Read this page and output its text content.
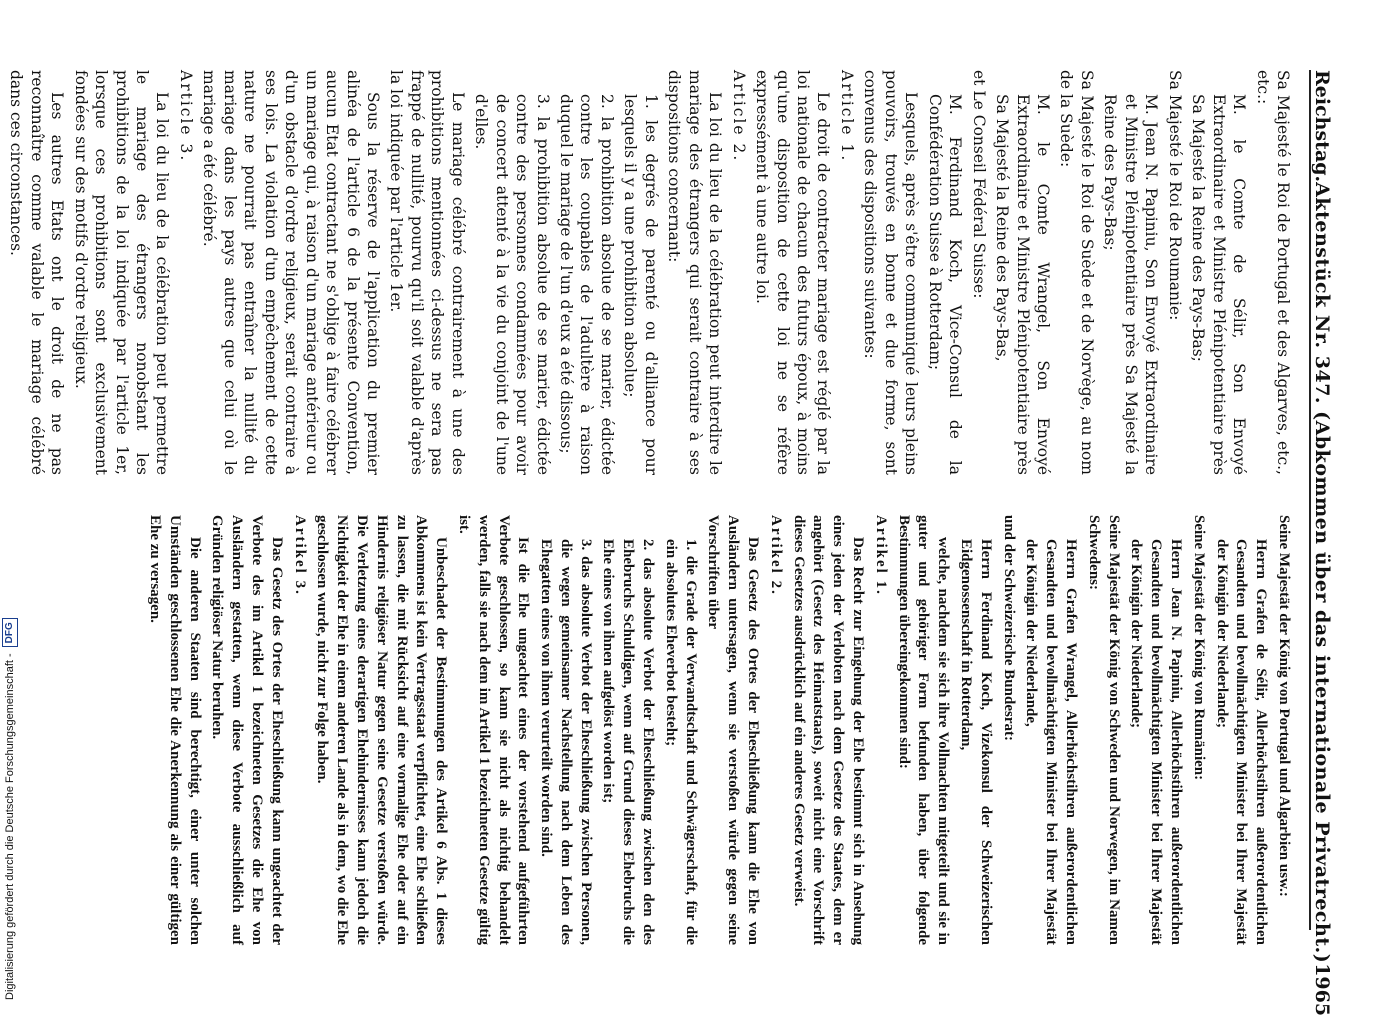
Reichstag.
Aktenstück Nr. 347. (Abkommen über das internationale Privatrecht.)
1965

Sa Majesté le Roi de Portugal et des Algarves, etc., etc.:

M. le Comte de Sélir, Son Envoyé Extraordinaire et Ministre Plénipotentiaire près Sa Majesté la Reine des Pays-Bas;

Sa Majesté le Roi de Roumanie:

M. Jean N. Papiniu, Son Envoyé Extraordinaire et Ministre Plénipotentiaire près Sa Majesté la Reine des Pays-Bas;

Sa Majesté le Roi de Suède et de Norvège, au nom de la Suède:

M. le Comte Wrangel, Son Envoyé Extraordinaire et Ministre Plénipotentiaire près Sa Majesté la Reine des Pays-Bas,

et Le Conseil Fédéral Suisse:

M. Ferdinand Koch, Vice-Consul de la Confédération Suisse à Rotterdam;

Lesquels, après s'être communiqué leurs pleins pouvoirs, trouvés en bonne et due forme, sont convenus des dispositions suivantes:

Article 1.

Le droit de contracter mariage est réglé par la loi nationale de chacun des futurs époux, à moins qu'une disposition de cette loi ne se réfère expressément à une autre loi.

Article 2.

La loi du lieu de la célébration peut interdire le mariage des étrangers qui serait contraire à ses dispositions concernant:

1. les degrés de parenté ou d'alliance pour lesquels il y a une prohibition absolue;

2. la prohibition absolue de se marier, édictée contre les coupables de l'adultère à raison duquel le mariage de l'un d'eux a été dissous;

3. la prohibition absolue de se marier, édictée contre des personnes condamnées pour avoir de concert attenté à la vie du conjoint de l'une d'elles.

Le mariage célébré contrairement à une des prohibitions mentionnées ci-dessus ne sera pas frappé de nullité, pourvu qu'il soit valable d'après la loi indiquée par l'article 1er.

Sous la réserve de l'application du premier alinéa de l'article 6 de la présente Convention, aucun Etat contractant ne s'oblige à faire célébrer un mariage qui, à raison d'un mariage antérieur ou d'un obstacle d'ordre religieux, serait contraire à ses lois. La violation d'un empêchement de cette nature ne pourrait pas entraîner la nullité du mariage dans les pays autres que celui où le mariage a été célébré.

Article 3.

La loi du lieu de la célébration peut permettre le mariage des étrangers nonobstant les prohibitions de la loi indiquée par l'article 1er, lorsque ces prohibitions sont exclusivement fondées sur des motifs d'ordre religieux.

Les autres Etats ont le droit de ne pas reconnaître comme valable le mariage célébré dans ces circonstances.

Seine Majestät der König von Portugal und Algarbien usw.:

Herrn Grafen de Sélir, Allerhöchstihren außerordentlichen Gesandten und bevollmächtigten Minister bei Ihrer Majestät der Königin der Niederlande;

Seine Majestät der König von Rumänien:

Herrn Jean N. Papiniu, Allerhöchstihren außerordentlichen Gesandten und bevollmächtigten Minister bei Ihrer Majestät der Königin der Niederlande;

Seine Majestät der König von Schweden und Norwegen, im Namen Schwedens:

Herrn Grafen Wrangel, Allerhöchstihren außerordentlichen Gesandten und bevollmächtigten Minister bei Ihrer Majestät der Königin der Niederlande,

und der Schweizerische Bundesrat:

Herrn Ferdinand Koch, Vizekonsul der Schweizerischen Eidgenossenschaft in Rotterdam,

welche, nachdem sie sich ihre Vollmachten mitgeteilt und sie in guter und gehöriger Form befunden haben, über folgende Bestimmungen übereingekommen sind:

Artikel 1.

Das Recht zur Eingehung der Ehe bestimmt sich in Ansehung eines jeden der Verlobten nach dem Gesetze des Staates, dem er angehört (Gesetz des Heimatstaats), soweit nicht eine Vorschrift dieses Gesetzes ausdrücklich auf ein anderes Gesetz verweist.

Artikel 2.

Das Gesetz des Ortes der Eheschließung kann die Ehe von Ausländern untersagen, wenn sie verstoßen würde gegen seine Vorschriften über

1. die Grade der Verwandtschaft und Schwägerschaft, für die ein absolutes Eheverbot besteht;

2. das absolute Verbot der Eheschließung zwischen den des Ehebruchs Schuldigen, wenn auf Grund dieses Ehebruchs die Ehe eines von ihnen aufgelöst worden ist;

3. das absolute Verbot der Eheschließung zwischen Personen, die wegen gemeinsamer Nachstellung nach dem Leben des Ehegatten eines von ihnen verurteilt worden sind.

Ist die Ehe ungeachtet eines der vorstehend aufgeführten Verbote geschlossen, so kann sie nicht als nichtig behandelt werden, falls sie nach dem im Artikel 1 bezeichneten Gesetze gültig ist.

Unbeschadet der Bestimmungen des Artikel 6 Abs. 1 dieses Abkommens ist kein Vertragsstaat verpflichtet, eine Ehe schließen zu lassen, die mit Rücksicht auf eine vormalige Ehe oder auf ein Hindernis religiöser Natur gegen seine Gesetze verstoßen würde. Die Verletzung eines derartigen Ehehindernisses kann jedoch die Nichtigkeit der Ehe in einem anderen Lande als in dem, wo die Ehe geschlossen wurde, nicht zur Folge haben.

Artikel 3.

Das Gesetz des Ortes der Eheschließung kann ungeachtet der Verbote des im Artikel 1 bezeichneten Gesetzes die Ehe von Ausländern gestatten, wenn diese Verbote ausschließlich auf Gründen religiöser Natur beruhen.

Die anderen Staaten sind berechtigt, einer unter solchen Umständen geschlossenen Ehe die Anerkennung als einer gültigen Ehe zu versagen.

Digitalisierung gefördert durch die Deutsche Forschungsgemeinschaft -
DFG
